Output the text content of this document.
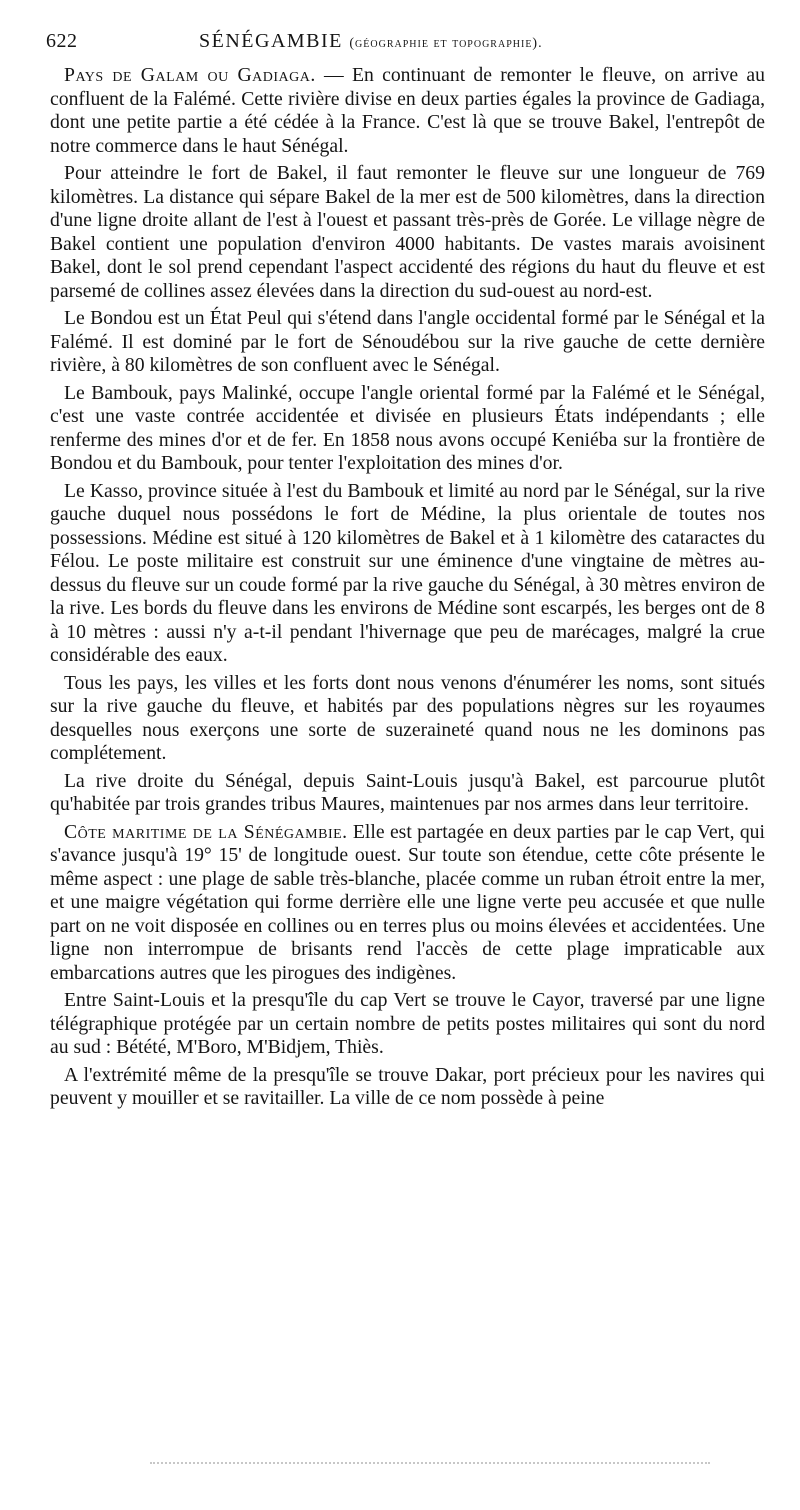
622	SÉNÉGAMBIE (géographie et topographie).

Pays de Galam ou Gadiaga. — En continuant de remonter le fleuve, on arrive au confluent de la Falémé. Cette rivière divise en deux parties égales la province de Gadiaga, dont une petite partie a été cédée à la France. C'est là que se trouve Bakel, l'entrepôt de notre commerce dans le haut Sénégal.

Pour atteindre le fort de Bakel, il faut remonter le fleuve sur une longueur de 769 kilomètres. La distance qui sépare Bakel de la mer est de 500 kilomètres, dans la direction d'une ligne droite allant de l'est à l'ouest et passant très-près de Gorée. Le village nègre de Bakel contient une population d'environ 4000 habitants. De vastes marais avoisinent Bakel, dont le sol prend cependant l'aspect accidenté des régions du haut du fleuve et est parsemé de collines assez élevées dans la direction du sud-ouest au nord-est.

Le Bondou est un État Peul qui s'étend dans l'angle occidental formé par le Sénégal et la Falémé. Il est dominé par le fort de Sénoudébou sur la rive gauche de cette dernière rivière, à 80 kilomètres de son confluent avec le Sénégal.

Le Bambouk, pays Malinké, occupe l'angle oriental formé par la Falémé et le Sénégal, c'est une vaste contrée accidentée et divisée en plusieurs États indépendants ; elle renferme des mines d'or et de fer. En 1858 nous avons occupé Keniéba sur la frontière de Bondou et du Bambouk, pour tenter l'exploitation des mines d'or.

Le Kasso, province située à l'est du Bambouk et limité au nord par le Sénégal, sur la rive gauche duquel nous possédons le fort de Médine, la plus orientale de toutes nos possessions. Médine est situé à 120 kilomètres de Bakel et à 1 kilomètre des cataractes du Félou. Le poste militaire est construit sur une éminence d'une vingtaine de mètres au-dessus du fleuve sur un coude formé par la rive gauche du Sénégal, à 30 mètres environ de la rive. Les bords du fleuve dans les environs de Médine sont escarpés, les berges ont de 8 à 10 mètres : aussi n'y a-t-il pendant l'hivernage que peu de marécages, malgré la crue considérable des eaux.

Tous les pays, les villes et les forts dont nous venons d'énumérer les noms, sont situés sur la rive gauche du fleuve, et habités par des populations nègres sur les royaumes desquelles nous exerçons une sorte de suzeraineté quand nous ne les dominons pas complétement.

La rive droite du Sénégal, depuis Saint-Louis jusqu'à Bakel, est parcourue plutôt qu'habitée par trois grandes tribus Maures, maintenues par nos armes dans leur territoire.

Côte maritime de la Sénégambie. Elle est partagée en deux parties par le cap Vert, qui s'avance jusqu'à 19° 15' de longitude ouest. Sur toute son étendue, cette côte présente le même aspect : une plage de sable très-blanche, placée comme un ruban étroit entre la mer, et une maigre végétation qui forme derrière elle une ligne verte peu accusée et que nulle part on ne voit disposée en collines ou en terres plus ou moins élevées et accidentées. Une ligne non interrompue de brisants rend l'accès de cette plage impraticable aux embarcations autres que les pirogues des indigènes.

Entre Saint-Louis et la presqu'île du cap Vert se trouve le Cayor, traversé par une ligne télégraphique protégée par un certain nombre de petits postes militaires qui sont du nord au sud : Bétété, M'Boro, M'Bidjem, Thiès.

A l'extrémité même de la presqu'île se trouve Dakar, port précieux pour les navires qui peuvent y mouiller et se ravitailler. La ville de ce nom possède à peine
